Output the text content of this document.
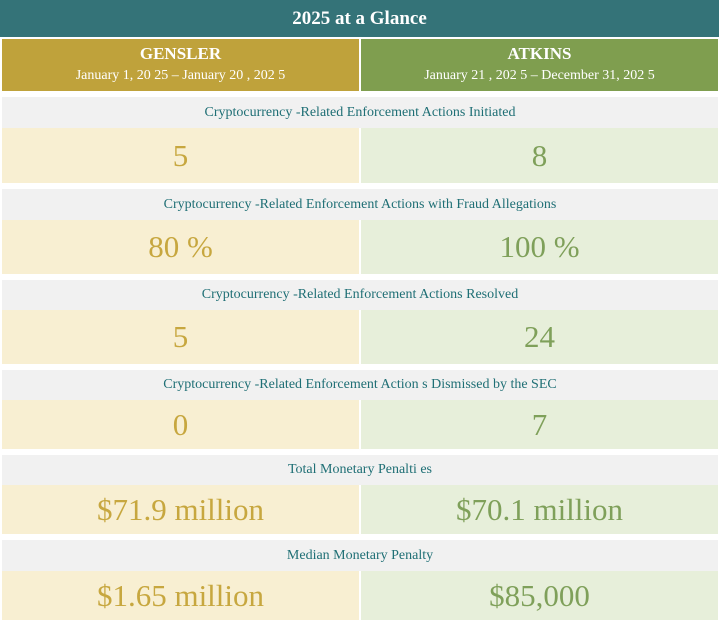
2025 at a Glance
GENSLER
January 1, 20 25 – January 20 , 202 5
ATKINS
January 21 , 202 5 – December 31, 202 5
Cryptocurrency -Related Enforcement Actions Initiated
5	8
Cryptocurrency -Related Enforcement Actions with Fraud Allegations
80 %	100 %
Cryptocurrency -Related Enforcement Actions Resolved
5	24
Cryptocurrency -Related Enforcement Action s Dismissed by the SEC
0	7
Total Monetary Penalti es
$71.9 million	$70.1 million
Median Monetary Penalty
$1.65 million	$85,000
